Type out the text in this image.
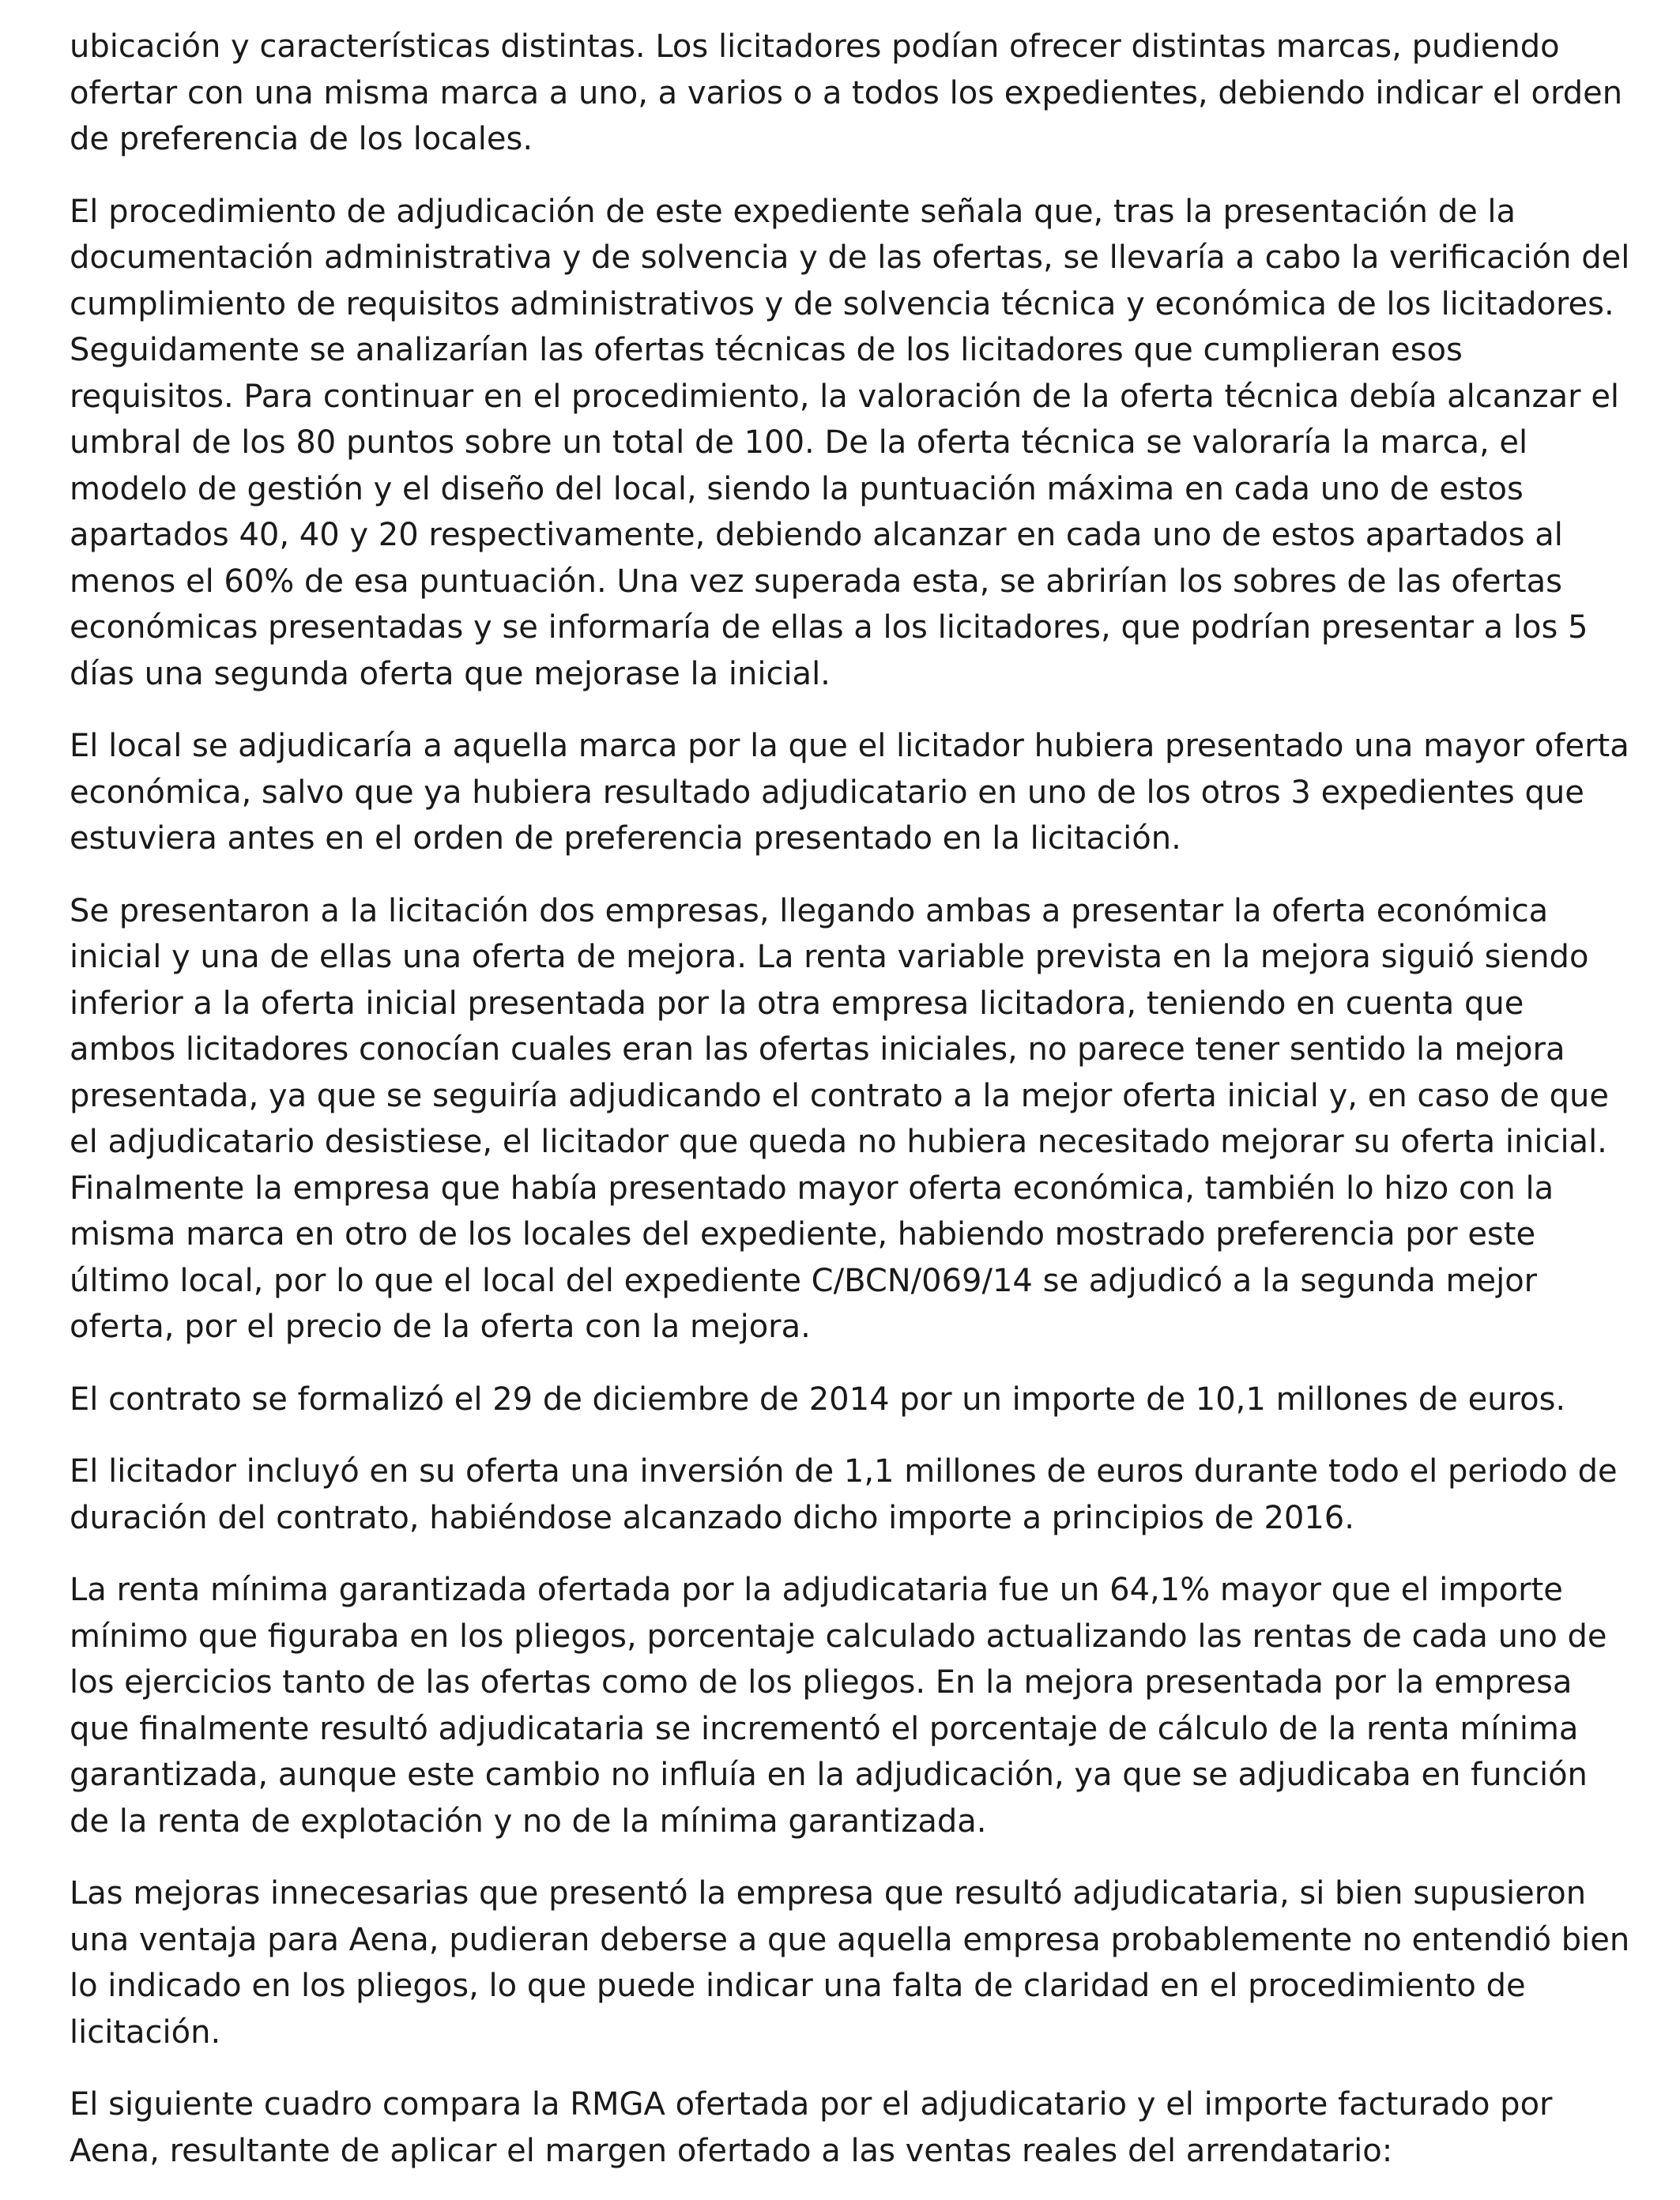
ubicación y características distintas. Los licitadores podían ofrecer distintas marcas, pudiendo ofertar con una misma marca a uno, a varios o a todos los expedientes, debiendo indicar el orden de preferencia de los locales.

El procedimiento de adjudicación de este expediente señala que, tras la presentación de la documentación administrativa y de solvencia y de las ofertas, se llevaría a cabo la verificación del cumplimiento de requisitos administrativos y de solvencia técnica y económica de los licitadores. Seguidamente se analizarían las ofertas técnicas de los licitadores que cumplieran esos requisitos. Para continuar en el procedimiento, la valoración de la oferta técnica debía alcanzar el umbral de los 80 puntos sobre un total de 100. De la oferta técnica se valoraría la marca, el modelo de gestión y el diseño del local, siendo la puntuación máxima en cada uno de estos apartados 40, 40 y 20 respectivamente, debiendo alcanzar en cada uno de estos apartados al menos el 60% de esa puntuación. Una vez superada esta, se abrirían los sobres de las ofertas económicas presentadas y se informaría de ellas a los licitadores, que podrían presentar a los 5 días una segunda oferta que mejorase la inicial.

El local se adjudicaría a aquella marca por la que el licitador hubiera presentado una mayor oferta económica, salvo que ya hubiera resultado adjudicatario en uno de los otros 3 expedientes que estuviera antes en el orden de preferencia presentado en la licitación.

Se presentaron a la licitación dos empresas, llegando ambas a presentar la oferta económica inicial y una de ellas una oferta de mejora. La renta variable prevista en la mejora siguió siendo inferior a la oferta inicial presentada por la otra empresa licitadora, teniendo en cuenta que ambos licitadores conocían cuales eran las ofertas iniciales, no parece tener sentido la mejora presentada, ya que se seguiría adjudicando el contrato a la mejor oferta inicial y, en caso de que el adjudicatario desistiese, el licitador que queda no hubiera necesitado mejorar su oferta inicial. Finalmente la empresa que había presentado mayor oferta económica, también lo hizo con la misma marca en otro de los locales del expediente, habiendo mostrado preferencia por este último local, por lo que el local del expediente C/BCN/069/14 se adjudicó a la segunda mejor oferta, por el precio de la oferta con la mejora.

El contrato se formalizó el 29 de diciembre de 2014 por un importe de 10,1 millones de euros.

El licitador incluyó en su oferta una inversión de 1,1 millones de euros durante todo el periodo de duración del contrato, habiéndose alcanzado dicho importe a principios de 2016.

La renta mínima garantizada ofertada por la adjudicataria fue un 64,1% mayor que el importe mínimo que figuraba en los pliegos, porcentaje calculado actualizando las rentas de cada uno de los ejercicios tanto de las ofertas como de los pliegos. En la mejora presentada por la empresa que finalmente resultó adjudicataria se incrementó el porcentaje de cálculo de la renta mínima garantizada, aunque este cambio no influía en la adjudicación, ya que se adjudicaba en función de la renta de explotación y no de la mínima garantizada.

Las mejoras innecesarias que presentó la empresa que resultó adjudicataria, si bien supusieron una ventaja para Aena, pudieran deberse a que aquella empresa probablemente no entendió bien lo indicado en los pliegos, lo que puede indicar una falta de claridad en el procedimiento de licitación.

El siguiente cuadro compara la RMGA ofertada por el adjudicatario y el importe facturado por Aena, resultante de aplicar el margen ofertado a las ventas reales del arrendatario:
